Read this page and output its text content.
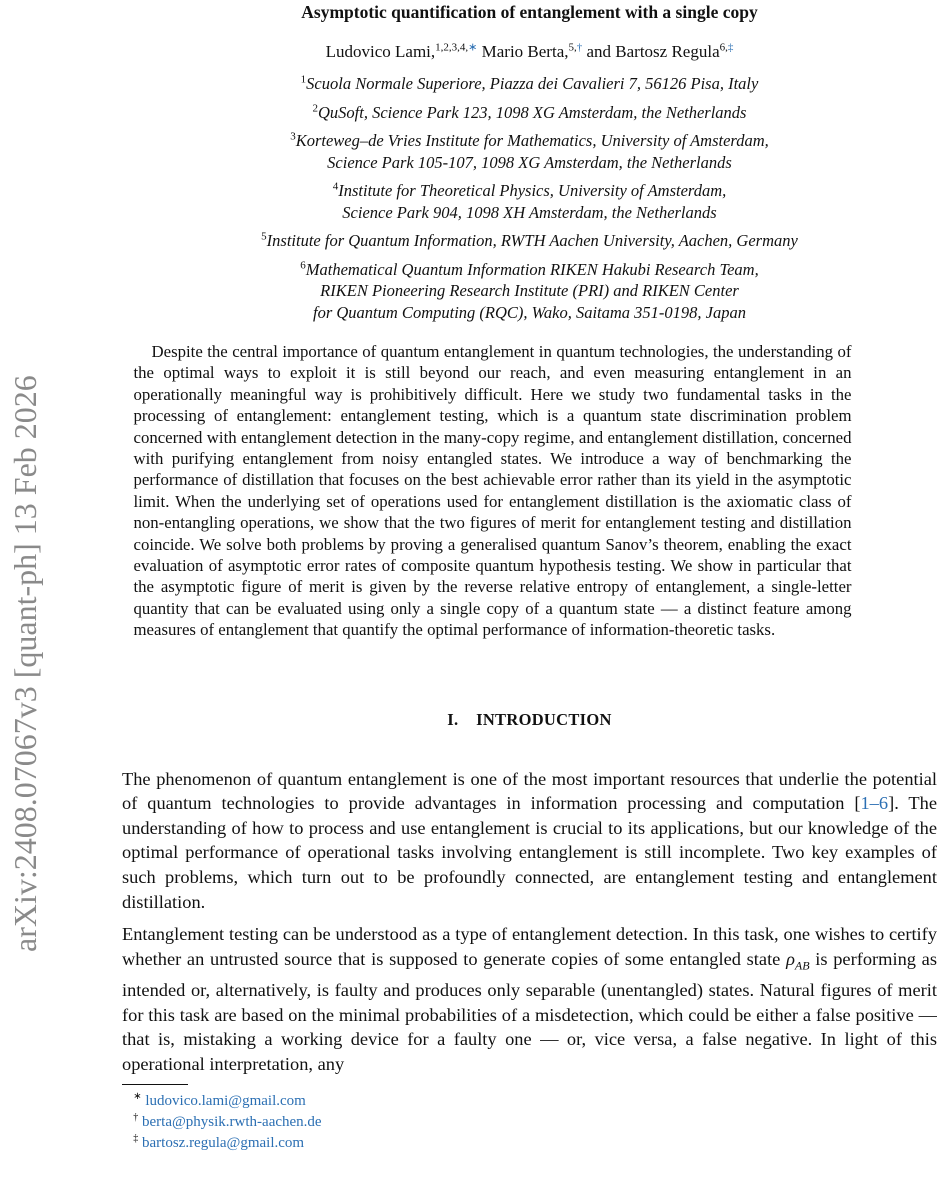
arXiv:2408.07067v3 [quant-ph] 13 Feb 2026
Asymptotic quantification of entanglement with a single copy
Ludovico Lami,$^{1,2,3,4,∗}$ Mario Berta,$^{5,\dagger}$ and Bartosz Regula$^{6,\ddagger}$
$^1$Scuola Normale Superiore, Piazza dei Cavalieri 7, 56126 Pisa, Italy
$^2$QuSoft, Science Park 123, 1098 XG Amsterdam, the Netherlands
$^3$Korteweg–de Vries Institute for Mathematics, University of Amsterdam,
Science Park 105-107, 1098 XG Amsterdam, the Netherlands
$^4$Institute for Theoretical Physics, University of Amsterdam,
Science Park 904, 1098 XH Amsterdam, the Netherlands
$^5$Institute for Quantum Information, RWTH Aachen University, Aachen, Germany
$^6$Mathematical Quantum Information RIKEN Hakubi Research Team,
RIKEN Pioneering Research Institute (PRI) and RIKEN Center
for Quantum Computing (RQC), Wako, Saitama 351-0198, Japan

Despite the central importance of quantum entanglement in quantum technologies, the understanding of the optimal ways to exploit it is still beyond our reach, and even measuring entanglement in an operationally meaningful way is prohibitively difficult. Here we study two fundamental tasks in the processing of entanglement: entanglement testing, which is a quantum state discrimination problem concerned with entanglement detection in the many-copy regime, and entanglement distillation, concerned with purifying entanglement from noisy entangled states. We introduce a way of benchmarking the performance of distillation that focuses on the best achievable error rather than its yield in the asymptotic limit. When the underlying set of operations used for entanglement distillation is the axiomatic class of non-entangling operations, we show that the two figures of merit for entanglement testing and distillation coincide. We solve both problems by proving a generalised quantum Sanov’s theorem, enabling the exact evaluation of asymptotic error rates of composite quantum hypothesis testing. We show in particular that the asymptotic figure of merit is given by the reverse relative entropy of entanglement, a single-letter quantity that can be evaluated using only a single copy of a quantum state — a distinct feature among measures of entanglement that quantify the optimal performance of information-theoretic tasks.

I. INTRODUCTION

The phenomenon of quantum entanglement is one of the most important resources that underlie the potential of quantum technologies to provide advantages in information processing and computation [1–6]. The understanding of how to process and use entanglement is crucial to its applications, but our knowledge of the optimal performance of operational tasks involving entanglement is still incomplete. Two key examples of such problems, which turn out to be profoundly connected, are entanglement testing and entanglement distillation.

Entanglement testing can be understood as a type of entanglement detection. In this task, one wishes to certify whether an untrusted source that is supposed to generate copies of some entangled state $\rho_{AB}$ is performing as intended or, alternatively, is faulty and produces only separable (unentangled) states. Natural figures of merit for this task are based on the minimal probabilities of a misdetection, which could be either a false positive — that is, mistaking a working device for a faulty one — or, vice versa, a false negative. In light of this operational interpretation, any

∗ ludovico.lami@gmail.com
† berta@physik.rwth-aachen.de
‡ bartosz.regula@gmail.com
